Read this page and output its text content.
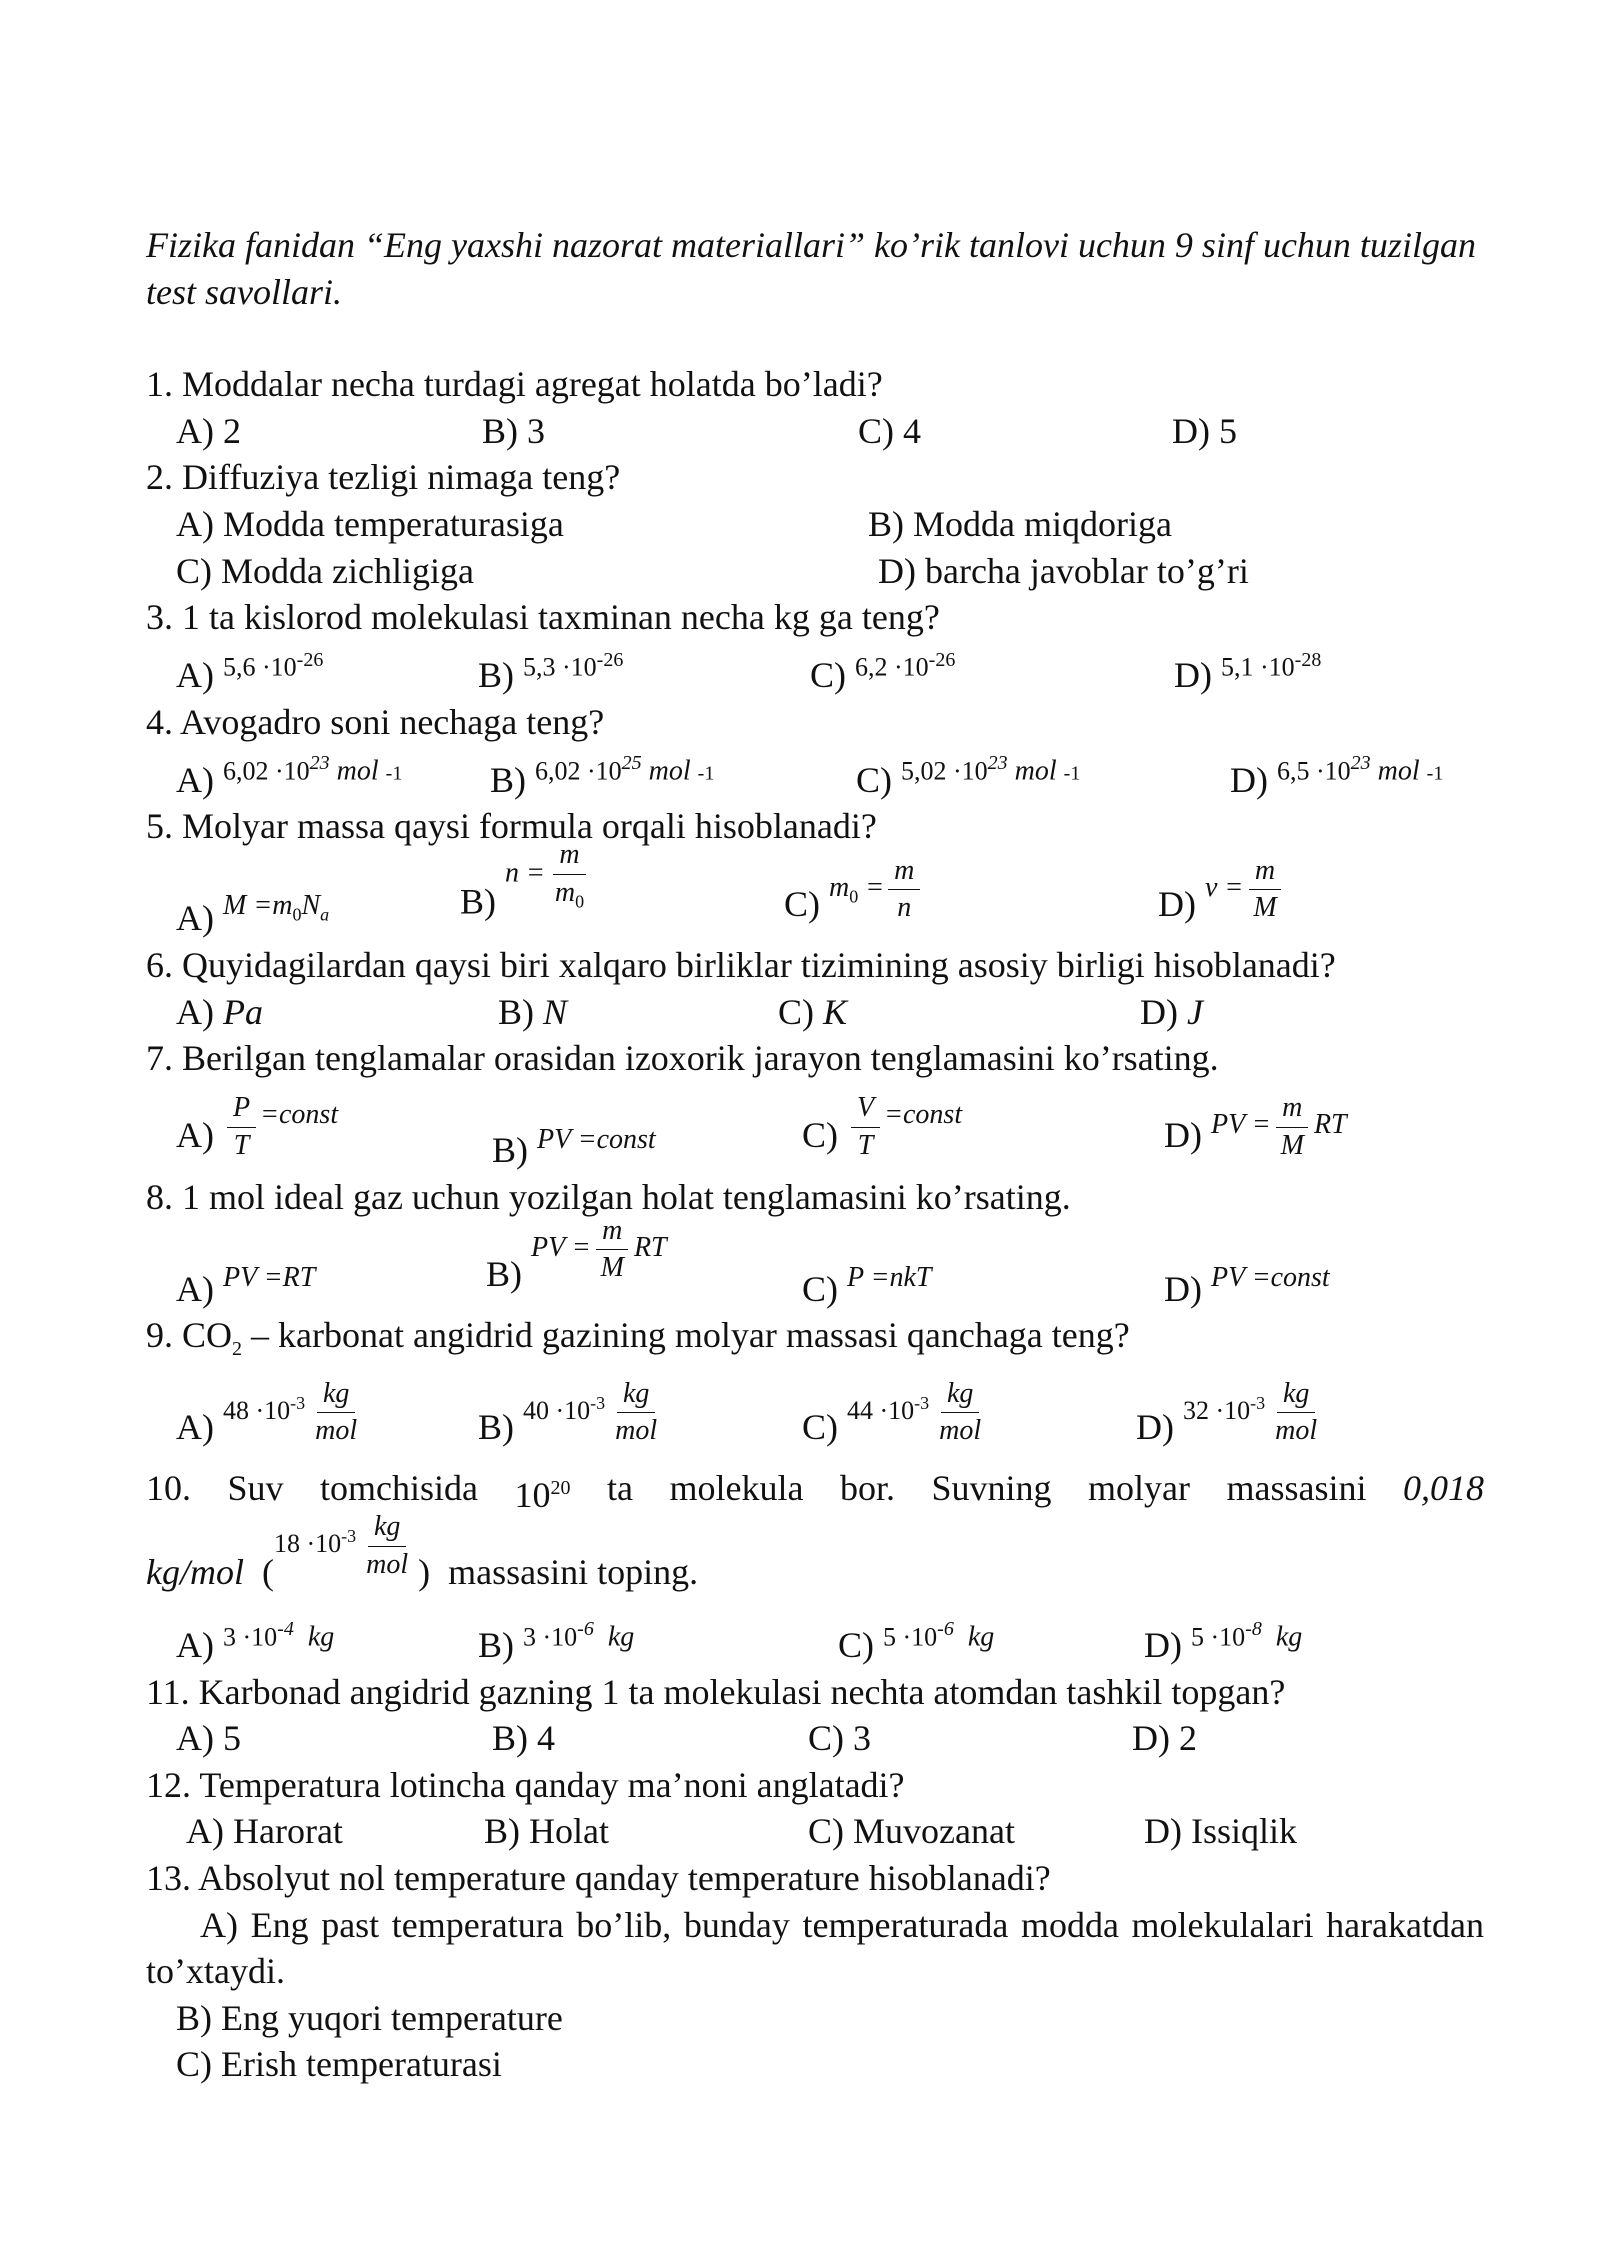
Fizika fanidan “Eng yaxshi nazorat materiallari” ko’rik tanlovi uchun 9 sinf uchun tuzilgan test savollari.
1. Moddalar necha turdagi agregat holatda bo’ladi?
A) 2	B) 3	C) 4	D) 5
2. Diffuziya tezligi nimaga teng?
A) Modda temperaturasiga	B) Modda miqdoriga
C) Modda zichligiga	D) barcha javoblar to’g’ri
3. 1 ta kislorod molekulasi taxminan necha kg ga teng?
A) $5,6 \cdot 10^{-26}$	B) $5,3 \cdot 10^{-26}$	C) $6,2 \cdot 10^{-26}$	D) $5,1 \cdot 10^{-28}$
4. Avogadro soni nechaga teng?
A) $6,02 \cdot 10^{23}$ mol -1 B) $6,02 \cdot 10^{25}$ mol -1	C) $5,02 \cdot 10^{23}$ mol -1	D) $6,5 \cdot 10^{23}$ mol -1
5. Molyar massa qaysi formula orqali hisoblanadi?
A) $M =m_0N_a$	B) $n = \frac{m}{m_0}$	C) $m_0 = \frac{m}{n}$	D) $\nu = \frac{m}{M}$
6. Quyidagilardan qaysi biri xalqaro birliklar tizimining asosiy birligi hisoblanadi?
A) Pa	B) N	C) K	D) J
7. Berilgan tenglamalar orasidan izoxorik jarayon tenglamasini ko’rsating.
$A) \frac{P}{T}$ =const
B) PV =const	$C) \frac{V}{T}$ =const
D) PV = $\frac{m}{M}$ RT
8. 1 mol ideal gaz uchun yozilgan holat tenglamasini ko’rsating.
A) PV =RT	B) PV = $\frac{m}{M}$ RT
C) P =nkT	D) PV =const
9. $CO_2$ – karbonat angidrid gazining molyar massasi qanchaga teng?
A) $48 \cdot 10^{-3} \frac{kg}{\text{mol}}$	B) $40 \cdot 10^{-3} \frac{kg}{\text{mol}}$	C) $44 \cdot 10^{-3} \frac{kg}{\text{mol}}$	D) $32 \cdot 10^{-3} \frac{kg}{\text{mol}}$
10. Suv tomchisida $10^{20}$ ta molekula bor. Suvning molyar massasini 0,018
kg/mol ($18 \cdot 10^{-3} \frac{kg}{\text{mol}}$ ) massasini toping.
A) $3 \cdot 10^{-4}$ kg	B) $3 \cdot 10^{-6}$ kg	C) $5 \cdot 10^{-6}$ kg	D) $5 \cdot 10^{-8}$ kg
11. Karbonad angidrid gazning 1 ta molekulasi nechta atomdan tashkil topgan?
A) 5	B) 4	C) 3	D) 2
12. Temperatura lotincha qanday ma’noni anglatadi?
A) Harorat	B) Holat	C) Muvozanat	D) Issiqlik
13. Absolyut nol temperature qanday temperature hisoblanadi?
A) Eng past temperatura bo’lib, bunday temperaturada modda molekulalari harakatdan to’xtaydi.
B) Eng yuqori temperature
C) Erish temperaturasi
